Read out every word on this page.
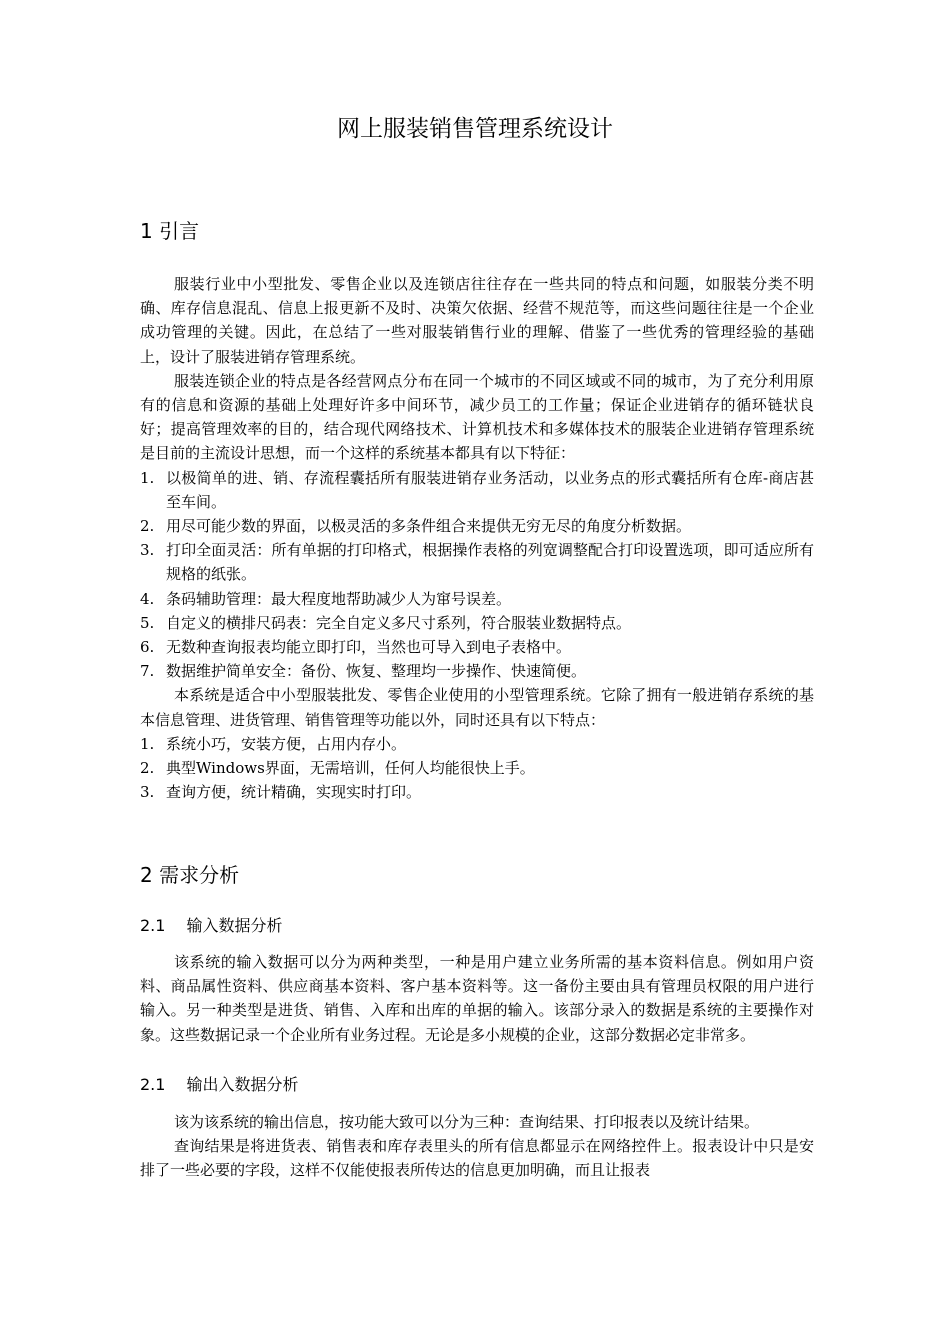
网上服装销售管理系统设计
1 引言

服装行业中小型批发、零售企业以及连锁店往往存在一些共同的特点和问题，如服装分类不明确、库存信息混乱、信息上报更新不及时、决策欠依据、经营不规范等，而这些问题往往是一个企业成功管理的关键。因此，在总结了一些对服装销售行业的理解、借鉴了一些优秀的管理经验的基础上，设计了服装进销存管理系统。

服装连锁企业的特点是各经营网点分布在同一个城市的不同区域或不同的城市，为了充分利用原有的信息和资源的基础上处理好许多中间环节，减少员工的工作量；保证企业进销存的循环链状良好；提高管理效率的目的，结合现代网络技术、计算机技术和多媒体技术的服装企业进销存管理系统是目前的主流设计思想，而一个这样的系统基本都具有以下特征：

1. 以极简单的进、销、存流程囊括所有服装进销存业务活动，以业务点的形式囊括所有仓库-商店甚至车间。
2. 用尽可能少数的界面，以极灵活的多条件组合来提供无穷无尽的角度分析数据。
3. 打印全面灵活：所有单据的打印格式，根据操作表格的列宽调整配合打印设置选项，即可适应所有规格的纸张。
4. 条码辅助管理：最大程度地帮助减少人为窜号误差。
5. 自定义的横排尺码表：完全自定义多尺寸系列，符合服装业数据特点。
6. 无数种查询报表均能立即打印，当然也可导入到电子表格中。
7. 数据维护简单安全：备份、恢复、整理均一步操作、快速简便。

本系统是适合中小型服装批发、零售企业使用的小型管理系统。它除了拥有一般进销存系统的基本信息管理、进货管理、销售管理等功能以外，同时还具有以下特点：

1. 系统小巧，安装方便，占用内存小。
2. 典型Windows界面，无需培训，任何人均能很快上手。
3. 查询方便，统计精确，实现实时打印。
2 需求分析
2.1　 输入数据分析

该系统的输入数据可以分为两种类型，一种是用户建立业务所需的基本资料信息。例如用户资料、商品属性资料、供应商基本资料、客户基本资料等。这一备份主要由具有管理员权限的用户进行输入。另一种类型是进货、销售、入库和出库的单据的输入。该部分录入的数据是系统的主要操作对象。这些数据记录一个企业所有业务过程。无论是多小规模的企业，这部分数据必定非常多。

2.1　 输出入数据分析

该为该系统的输出信息，按功能大致可以分为三种：查询结果、打印报表以及统计结果。

查询结果是将进货表、销售表和库存表里头的所有信息都显示在网络控件上。报表设计中只是安排了一些必要的字段，这样不仅能使报表所传达的信息更加明确，而且让报表
